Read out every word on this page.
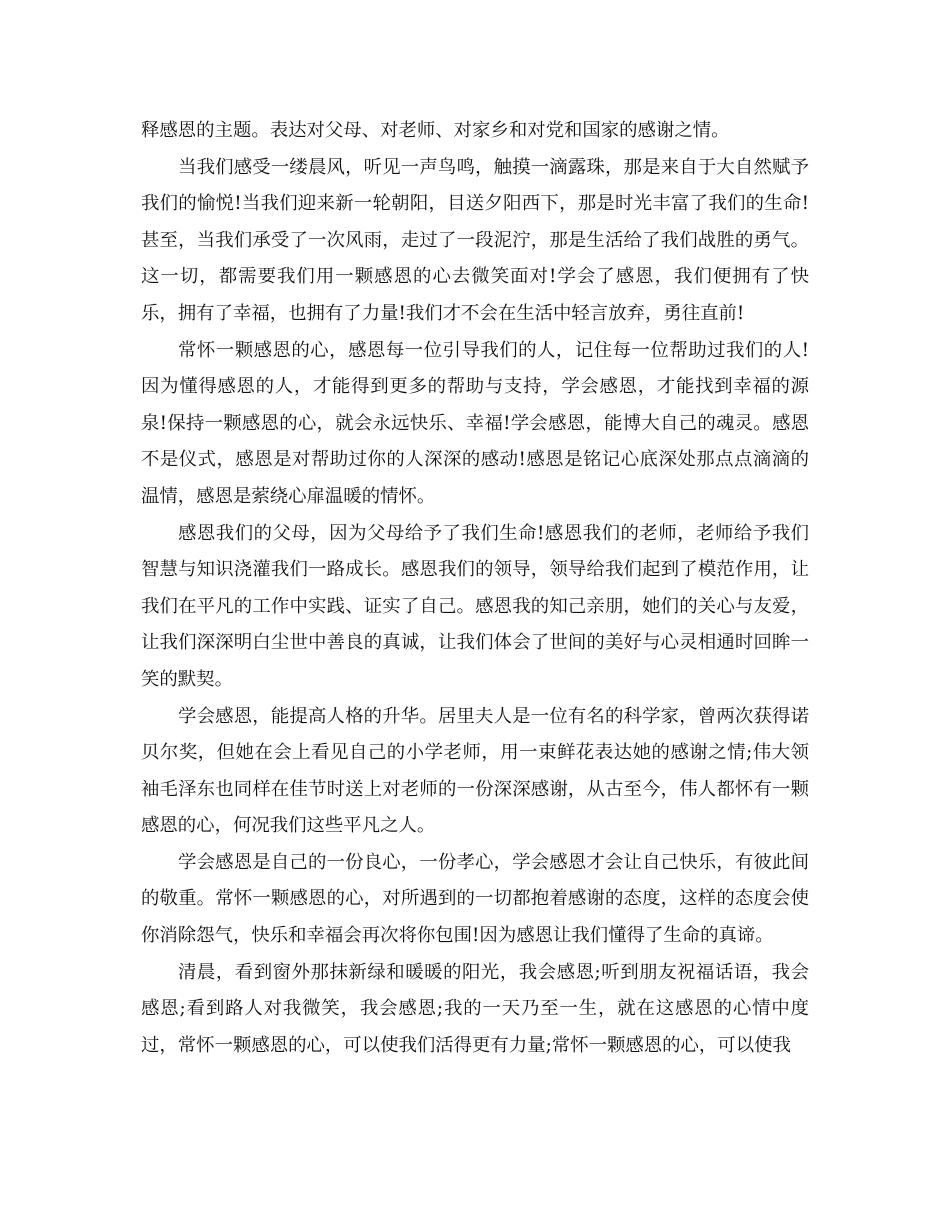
释感恩的主题。表达对父母、对老师、对家乡和对党和国家的感谢之情。

当我们感受一缕晨风，听见一声鸟鸣，触摸一滴露珠，那是来自于大自然赋予我们的愉悦!当我们迎来新一轮朝阳，目送夕阳西下，那是时光丰富了我们的生命!甚至，当我们承受了一次风雨，走过了一段泥泞，那是生活给了我们战胜的勇气。这一切，都需要我们用一颗感恩的心去微笑面对!学会了感恩，我们便拥有了快乐，拥有了幸福，也拥有了力量!我们才不会在生活中轻言放弃，勇往直前!

常怀一颗感恩的心，感恩每一位引导我们的人，记住每一位帮助过我们的人!因为懂得感恩的人，才能得到更多的帮助与支持，学会感恩，才能找到幸福的源泉!保持一颗感恩的心，就会永远快乐、幸福!学会感恩，能博大自己的魂灵。感恩不是仪式，感恩是对帮助过你的人深深的感动!感恩是铭记心底深处那点点滴滴的温情，感恩是萦绕心扉温暖的情怀。

感恩我们的父母，因为父母给予了我们生命!感恩我们的老师，老师给予我们智慧与知识浇灌我们一路成长。感恩我们的领导，领导给我们起到了模范作用，让我们在平凡的工作中实践、证实了自己。感恩我的知己亲朋，她们的关心与友爱，让我们深深明白尘世中善良的真诚，让我们体会了世间的美好与心灵相通时回眸一笑的默契。

学会感恩，能提高人格的升华。居里夫人是一位有名的科学家，曾两次获得诺贝尔奖，但她在会上看见自己的小学老师，用一束鲜花表达她的感谢之情;伟大领袖毛泽东也同样在佳节时送上对老师的一份深深感谢，从古至今，伟人都怀有一颗感恩的心，何况我们这些平凡之人。

学会感恩是自己的一份良心，一份孝心，学会感恩才会让自己快乐，有彼此间的敬重。常怀一颗感恩的心，对所遇到的一切都抱着感谢的态度，这样的态度会使你消除怨气，快乐和幸福会再次将你包围!因为感恩让我们懂得了生命的真谛。

清晨，看到窗外那抹新绿和暖暖的阳光，我会感恩;听到朋友祝福话语，我会感恩;看到路人对我微笑，我会感恩;我的一天乃至一生，就在这感恩的心情中度过，常怀一颗感恩的心，可以使我们活得更有力量;常怀一颗感恩的心，可以使我
